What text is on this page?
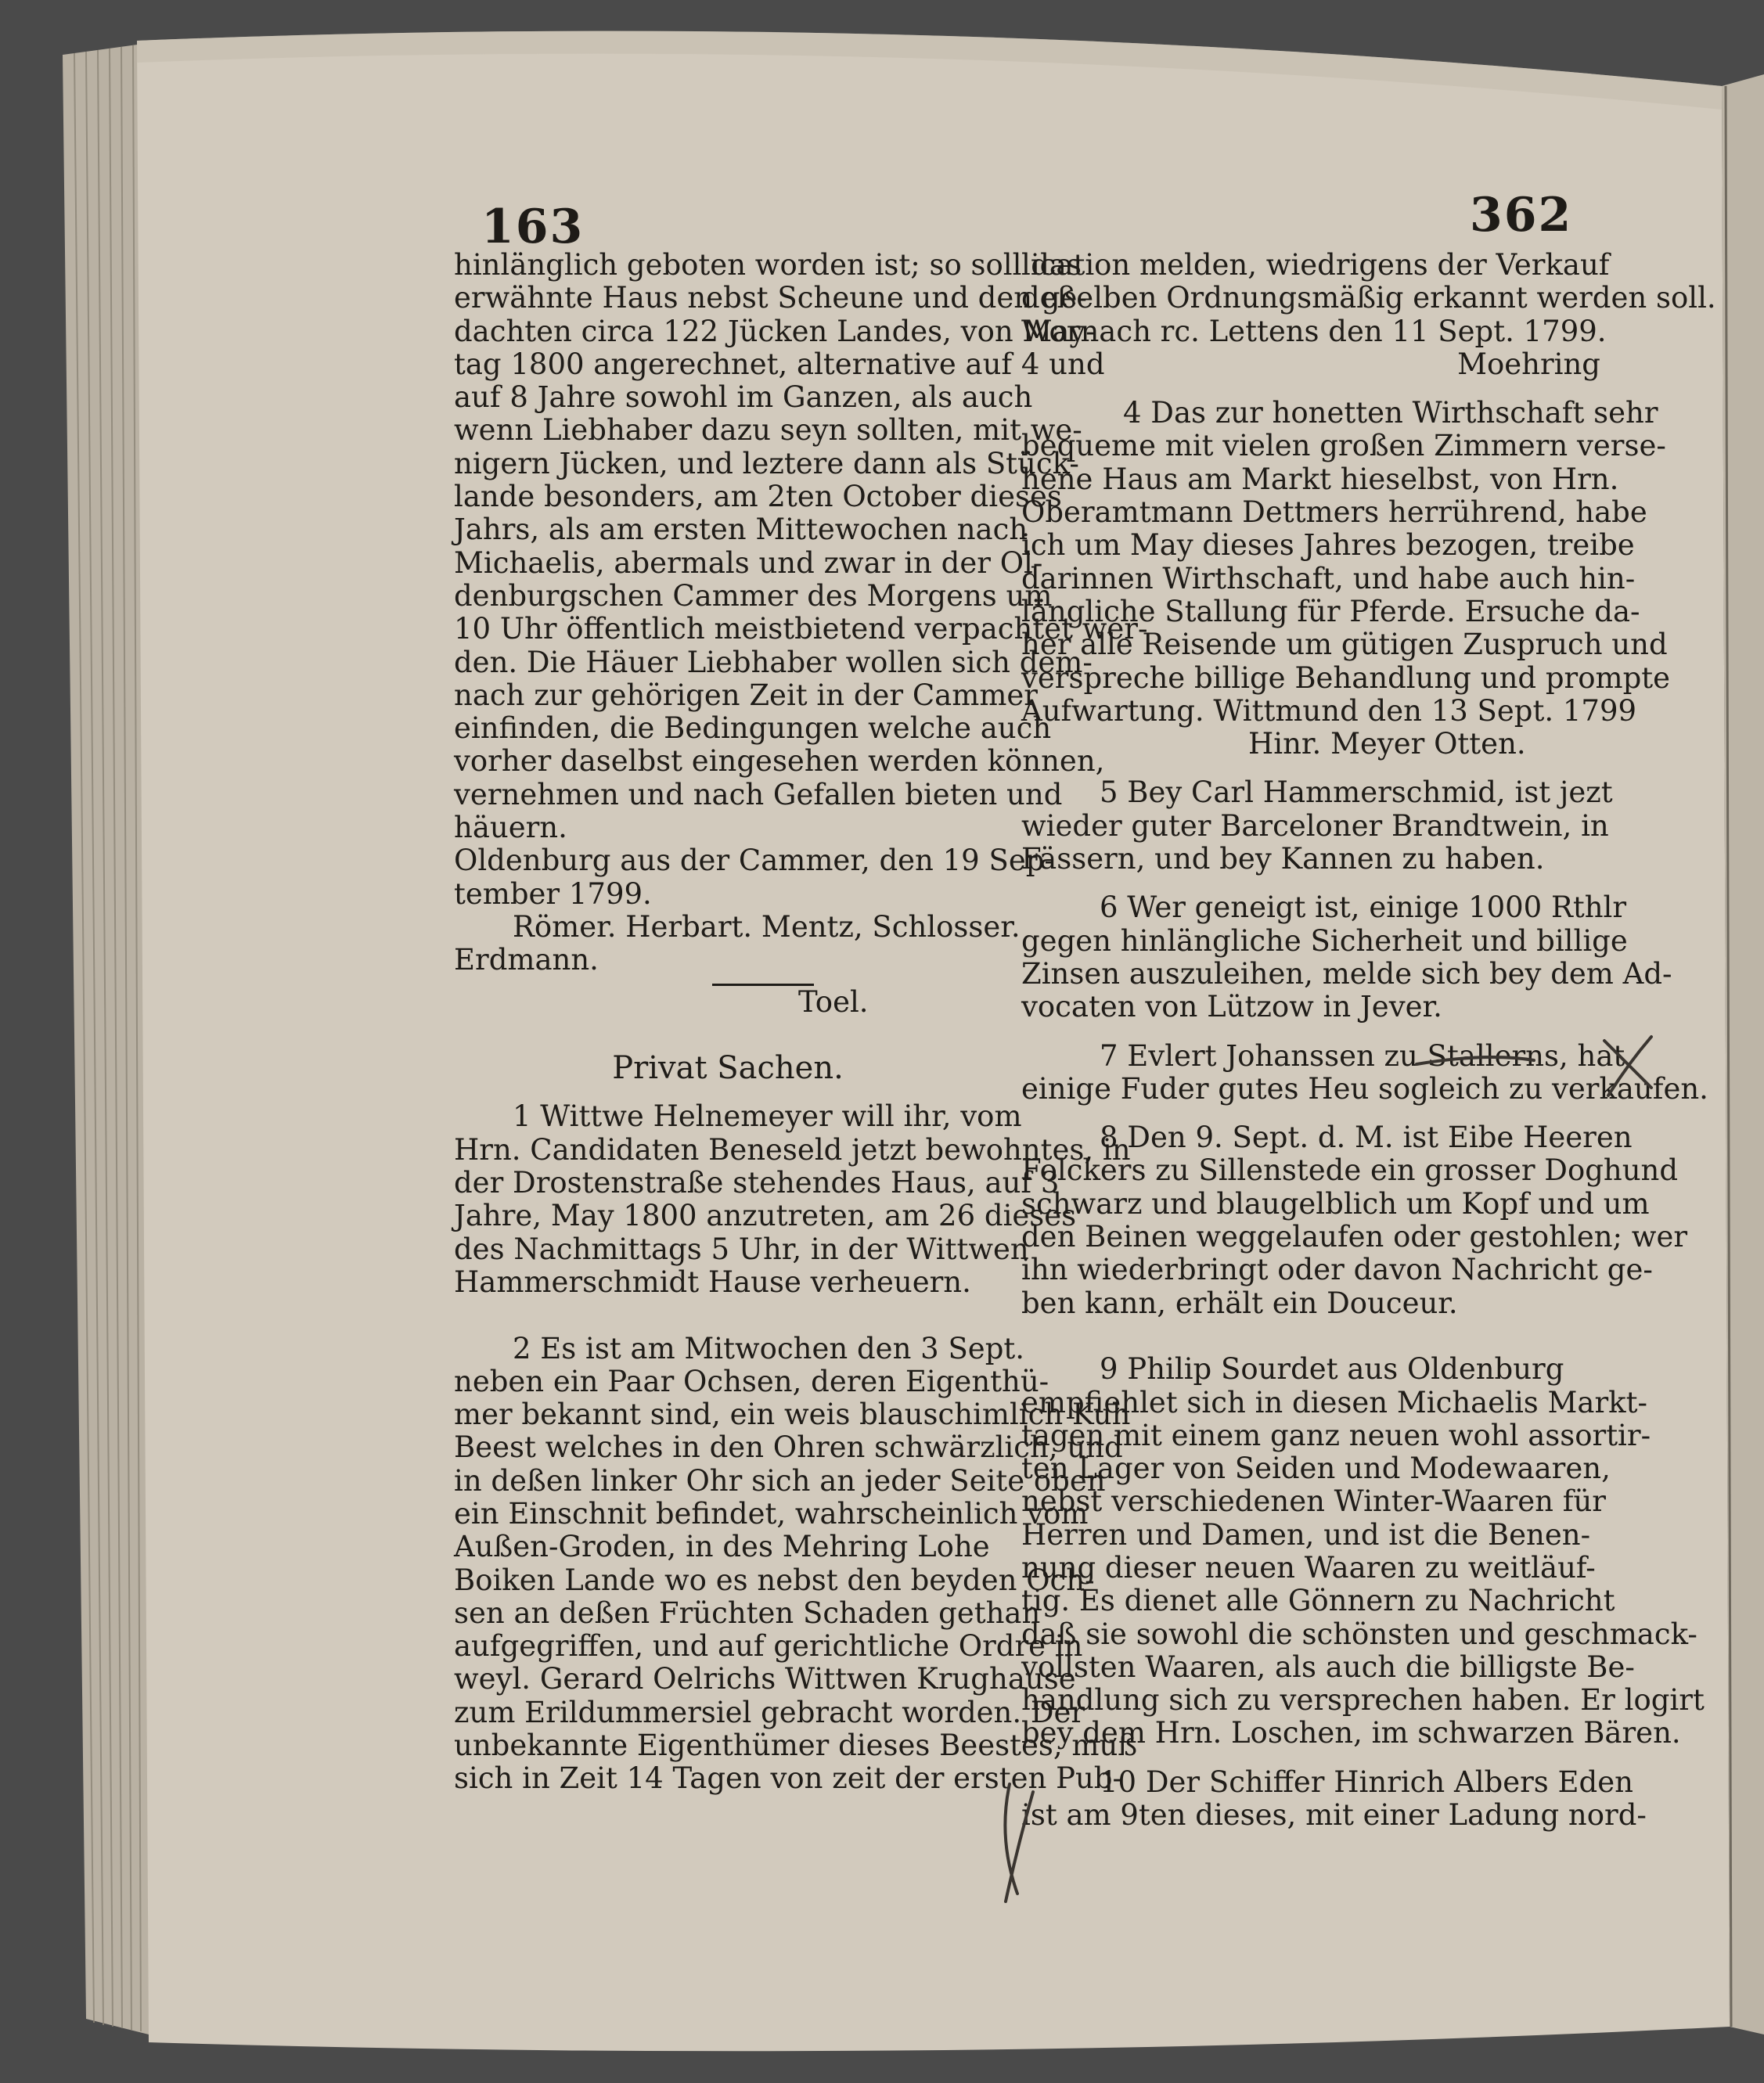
163	362
hinlänglich geboten worden ist; so soll das
erwähnte Haus nebst Scheune und den ge-
dachten circa 122 Jücken Landes, von May-
tag 1800 angerechnet, alternative auf 4 und
auf 8 Jahre sowohl im Ganzen, als auch
wenn Liebhaber dazu seyn sollten, mit we-
nigern Jücken, und leztere dann als Stück-
lande besonders, am 2ten October dieses
Jahrs, als am ersten Mittewochen nach
Michaelis, abermals und zwar in der Ol-
denburgschen Cammer des Morgens um
10 Uhr öffentlich meistbietend verpachtet wer-
den. Die Häuer Liebhaber wollen sich dem-
nach zur gehörigen Zeit in der Cammer
einfinden, die Bedingungen welche auch
vorher daselbst eingesehen werden können,
vernehmen und nach Gefallen bieten und
häuern.
Oldenburg aus der Cammer, den 19 Sep-
tember 1799.
Römer. Herbart. Mentz, Schlosser.
Erdmann.
Toel.
Privat Sachen.
1 Wittwe Helnemeyer will ihr, vom
Hrn. Candidaten Beneseld jetzt bewohntes, in
der Drostenstraße stehendes Haus, auf 3
Jahre, May 1800 anzutreten, am 26 dieses
des Nachmittags 5 Uhr, in der Wittwen
Hammerschmidt Hause verheuern.
2 Es ist am Mitwochen den 3 Sept.
neben ein Paar Ochsen, deren Eigenthü-
mer bekannt sind, ein weis blauschimlich Kuh
Beest welches in den Ohren schwärzlich, und
in deßen linker Ohr sich an jeder Seite oben
ein Einschnit befindet, wahrscheinlich vom
Außen-Groden, in des Mehring Lohe
Boiken Lande wo es nebst den beyden Och-
sen an deßen Früchten Schaden gethan
aufgegriffen, und auf gerichtliche Ordre in
weyl. Gerard Oelrichs Wittwen Krughause
zum Erildummersiel gebracht worden. Der
unbekannte Eigenthümer dieses Beestes, muß
sich in Zeit 14 Tagen von zeit der ersten Pub-
lication melden, wiedrigens der Verkauf
deßelben Ordnungsmäßig erkannt werden soll.
Wornach rc. Lettens den 11 Sept. 1799.
Moehring
4 Das zur honetten Wirthschaft sehr
bequeme mit vielen großen Zimmern verse-
hene Haus am Markt hieselbst, von Hrn.
Oberamtmann Dettmers herrührend, habe
ich um May dieses Jahres bezogen, treibe
darinnen Wirthschaft, und habe auch hin-
längliche Stallung für Pferde. Ersuche da-
her alle Reisende um gütigen Zuspruch und
verspreche billige Behandlung und prompte
Aufwartung. Wittmund den 13 Sept. 1799
Hinr. Meyer Otten.
5 Bey Carl Hammerschmid, ist jezt
wieder guter Barceloner Brandtwein, in
Fässern, und bey Kannen zu haben.
6 Wer geneigt ist, einige 1000 Rthlr
gegen hinlängliche Sicherheit und billige
Zinsen auszuleihen, melde sich bey dem Ad-
vocaten von Lützow in Jever.
7 Evlert Johanssen zu Stallerns, hat
einige Fuder gutes Heu sogleich zu verkaufen.
8 Den 9. Sept. d. M. ist Eibe Heeren
Folckers zu Sillenstede ein grosser Doghund
schwarz und blaugelblich um Kopf und um
den Beinen weggelaufen oder gestohlen; wer
ihn wiederbringt oder davon Nachricht ge-
ben kann, erhält ein Douceur.
9 Philip Sourdet aus Oldenburg
empfiehlet sich in diesen Michaelis Markt-
tagen mit einem ganz neuen wohl assortir-
ten Lager von Seiden und Modewaaren,
nebst verschiedenen Winter-Waaren für
Herren und Damen, und ist die Benen-
nung dieser neuen Waaren zu weitläuf-
tig. Es dienet alle Gönnern zu Nachricht
daß sie sowohl die schönsten und geschmack-
vollsten Waaren, als auch die billigste Be-
handlung sich zu versprechen haben. Er logirt
bey dem Hrn. Loschen, im schwarzen Bären.
10 Der Schiffer Hinrich Albers Eden
ist am 9ten dieses, mit einer Ladung nord-
